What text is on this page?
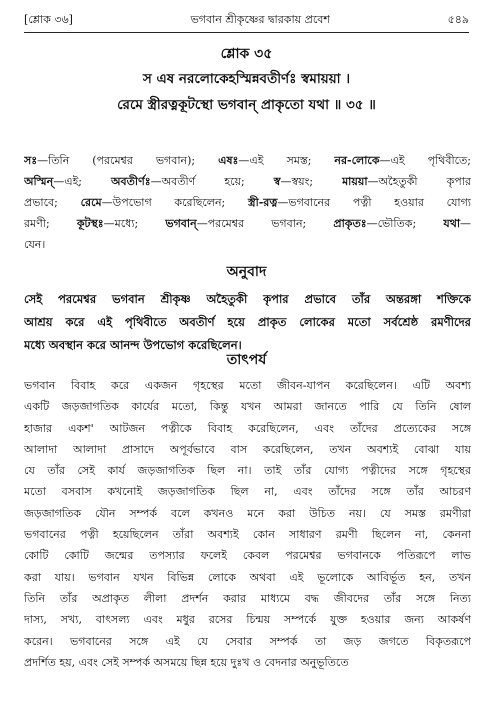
[শ্লোক ৩৬]	ভগবান শ্রীকৃষ্ণের দ্বারকায় প্রবেশ	৫৪৯
শ্লোক ৩৫
স এষ নরলোকেহস্মিন্নবতীর্ণঃ স্বমায়য়া ।
রেমে স্ত্রীরত্নকূটস্থো ভগবান্ প্রাকৃতো যথা ॥ ৩৫ ॥
সঃ—তিনি (পরমেশ্বর ভগবান); এষঃ—এই সমস্ত; নর-লোকে—এই পৃথিবীতে;
অস্মিন্—এই; অবতীর্ণঃ—অবতীর্ণ হয়ে; স্ব—স্বয়ং; মায়য়া—অহৈতুকী কৃপার
প্রভাবে; রেমে—উপভোগ করেছিলেন; স্ত্রী-রত্ন—ভগবানের পত্নী হওয়ার যোগ্য
রমণী; কূটস্থঃ—মধ্যে; ভগবান্—পরমেশ্বর ভগবান; প্রাকৃতঃ—ভৌতিক; যথা—
যেন।
অনুবাদ
সেই পরমেশ্বর ভগবান শ্রীকৃষ্ণ অহৈতুকী কৃপার প্রভাবে তাঁর অন্তরঙ্গা শক্তিকে
আশ্রয় করে এই পৃথিবীতে অবতীর্ণ হয়ে প্রাকৃত লোকের মতো সর্বশ্রেষ্ঠ রমণীদের
মধ্যে অবস্থান করে আনন্দ উপভোগ করেছিলেন।
তাৎপর্য
ভগবান বিবাহ করে একজন গৃহস্থের মতো জীবন-যাপন করেছিলেন। এটি অবশ্য
একটি জড়জাগতিক কার্যের মতো, কিন্তু যখন আমরা জানতে পারি যে তিনি ষোল
হাজার একশ' আটজন পত্নীকে বিবাহ করেছিলেন, এবং তাঁদের প্রত্যেকের সঙ্গে
আলাদা আলাদা প্রাসাদে অপূর্বভাবে বাস করেছিলেন, তখন অবশ্যই বোঝা যায়
যে তাঁর সেই কার্য জড়জাগতিক ছিল না। তাই তাঁর যোগ্য পত্নীদের সঙ্গে গৃহস্থের
মতো বসবাস কখনোই জড়জাগতিক ছিল না, এবং তাঁদের সঙ্গে তাঁর আচরণ
জড়জাগতিক যৌন সম্পর্ক বলে কখনও মনে করা উচিত নয়। যে সমস্ত রমণীরা
ভগবানের পত্নী হয়েছিলেন তাঁরা অবশ্যই কোন সাধারণ রমণী ছিলেন না, কেননা
কোটি কোটি জন্মের তপস্যার ফলেই কেবল পরমেশ্বর ভগবানকে পতিরূপে লাভ
করা যায়। ভগবান যখন বিভিন্ন লোকে অথবা এই ভূলোকে আবির্ভূত হন, তখন
তিনি তাঁর অপ্রাকৃত লীলা প্রদর্শন করার মাধ্যমে বদ্ধ জীবদের তাঁর সঙ্গে নিত্য
দাস্য, সখ্য, বাৎসল্য এবং মধুর রসের চিন্ময় সম্পর্কে যুক্ত হওয়ার জন্য আকর্ষণ
করেন। ভগবানের সঙ্গে এই যে সেবার সম্পর্ক তা জড় জগতে বিকৃতরূপে
প্রদর্শিত হয়, এবং সেই সম্পর্ক অসময়ে ছিন্ন হয়ে দুঃখ ও বেদনার অনুভূতিতে
